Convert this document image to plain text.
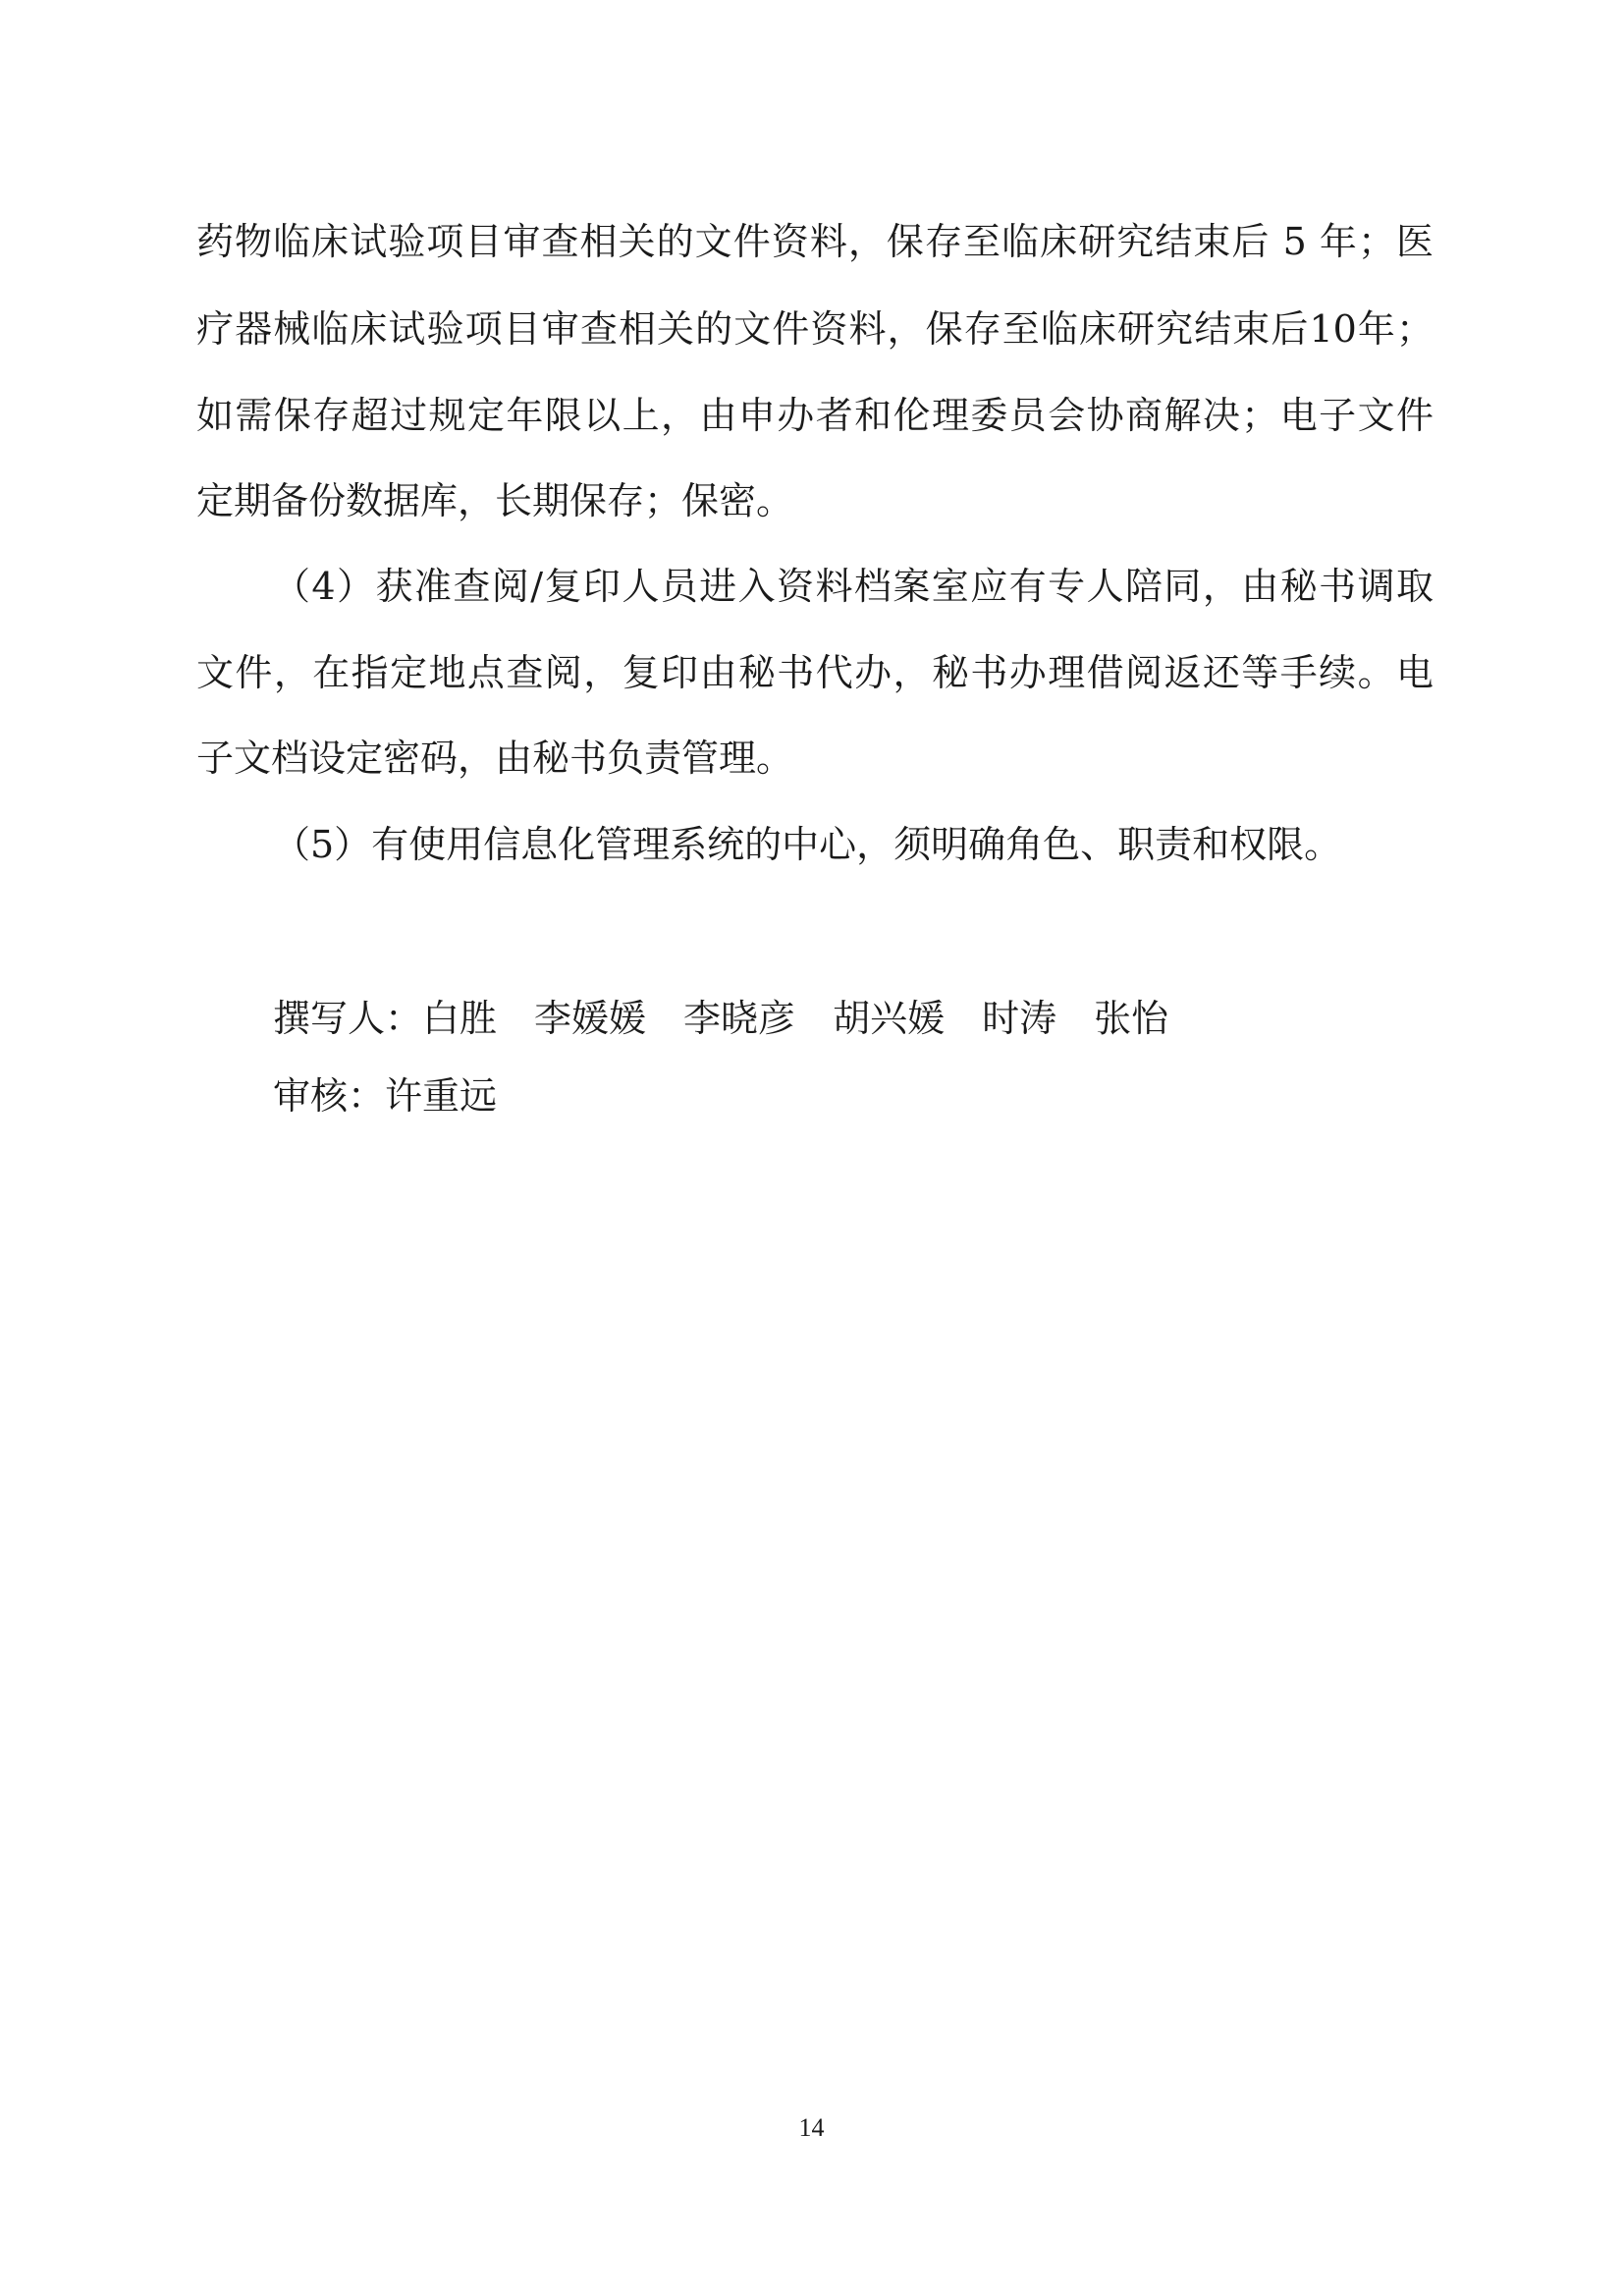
药物临床试验项目审查相关的文件资料，保存至临床研究结束后 5 年；医
疗器械临床试验项目审查相关的文件资料，保存至临床研究结束后10年；
如需保存超过规定年限以上，由申办者和伦理委员会协商解决；电子文件
定期备份数据库，长期保存；保密。
（4）获准查阅/复印人员进入资料档案室应有专人陪同，由秘书调取
文件，在指定地点查阅，复印由秘书代办，秘书办理借阅返还等手续。电
子文档设定密码，由秘书负责管理。
（5）有使用信息化管理系统的中心，须明确角色、职责和权限。
撰写人：白胜 李媛媛 李晓彦 胡兴媛 时涛 张怡
审核：许重远
14
